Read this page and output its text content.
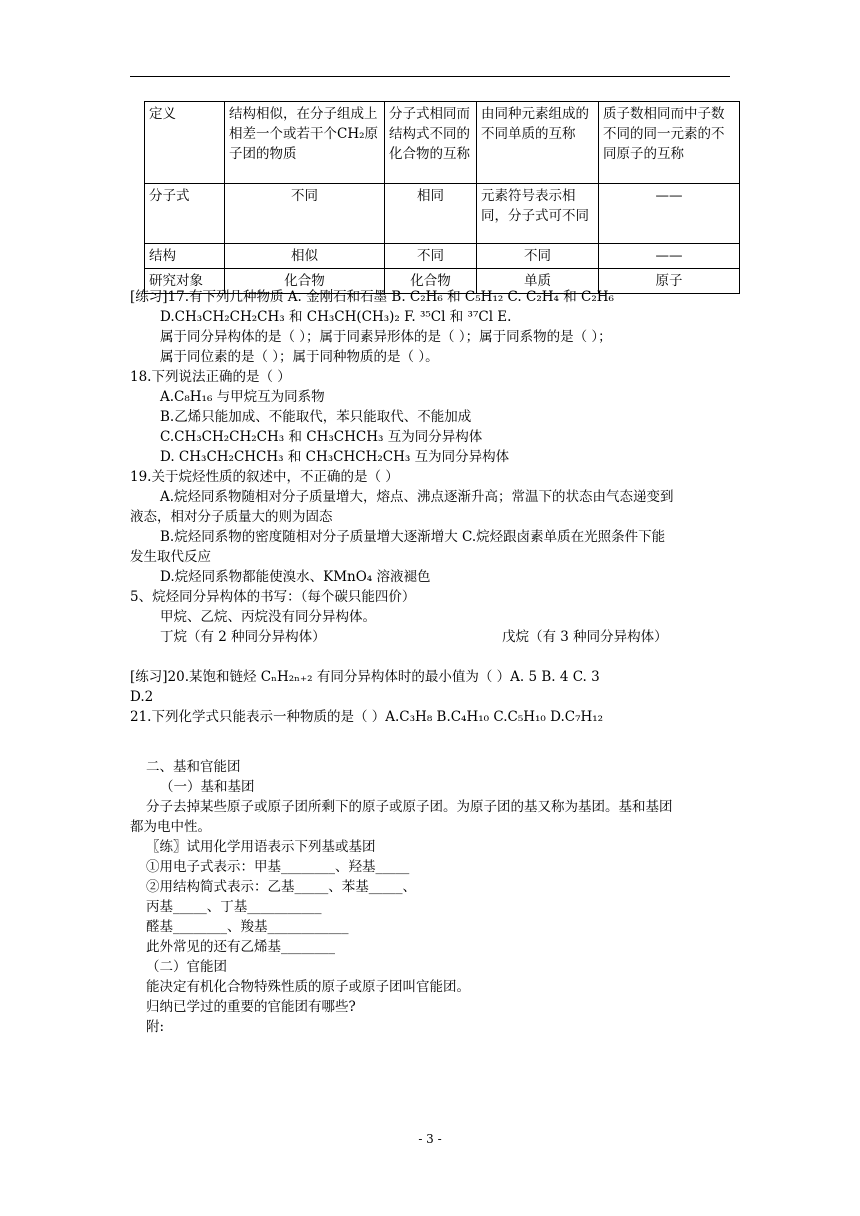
定义	结构相似，在分子组成上相差一个或若干个CH₂原子团的物质	分子式相同而结构式不同的化合物的互称	由同种元素组成的不同单质的互称	质子数相同而中子数不同的同一元素的不同原子的互称
分子式	不同	相同	元素符号表示相同，分子式可不同	——
结构	相似	不同	不同	——
研究对象	化合物	化合物	单质	原子
[练习]17.有下列几种物质 A. 金刚石和石墨 B. C₂H₆ 和 C₅H₁₂ C. C₂H₄ 和 C₂H₆
D.CH₃CH₂CH₂CH₃ 和 CH₃CH(CH₃)₂ F. ³⁵Cl 和 ³⁷Cl E.
属于同分异构体的是（ ）；属于同素异形体的是（ ）；属于同系物的是（ ）；
属于同位素的是（ ）；属于同种物质的是（ ）。
18.下列说法正确的是（ ）
A.C₈H₁₆ 与甲烷互为同系物
B.乙烯只能加成、不能取代，苯只能取代、不能加成
C.CH₃CH₂CH₂CH₃ 和 CH₃CHCH₃ 互为同分异构体
D. CH₃CH₂CHCH₃ 和 CH₃CHCH₂CH₃ 互为同分异构体
19.关于烷烃性质的叙述中，不正确的是（ ）
A.烷烃同系物随相对分子质量增大，熔点、沸点逐渐升高；常温下的状态由气态递变到
液态，相对分子质量大的则为固态
B.烷烃同系物的密度随相对分子质量增大逐渐增大 C.烷烃跟卤素单质在光照条件下能
发生取代反应
D.烷烃同系物都能使溴水、KMnO₄ 溶液褪色
5、烷烃同分异构体的书写：（每个碳只能四价）
甲烷、乙烷、丙烷没有同分异构体。
丁烷（有 2 种同分异构体）	戊烷（有 3 种同分异构体）
[练习]20.某饱和链烃 CₙH₂ₙ₊₂ 有同分异构体时的最小值为（ ）A. 5 B. 4 C. 3
D.2
21.下列化学式只能表示一种物质的是（ ）A.C₃H₈ B.C₄H₁₀ C.C₅H₁₀ D.C₇H₁₂
二、基和官能团
（一）基和基团
分子去掉某些原子或原子团所剩下的原子或原子团。为原子团的基又称为基团。基和基团
都为电中性。
〖练〗试用化学用语表示下列基或基团
①用电子式表示：甲基________、羟基_____
②用结构简式表示：乙基_____、苯基_____、
丙基_____、丁基___________
醛基________、羧基____________
此外常见的还有乙烯基________
（二）官能团
能决定有机化合物特殊性质的原子或原子团叫官能团。
归纳已学过的重要的官能团有哪些?
附:
- 3 -
